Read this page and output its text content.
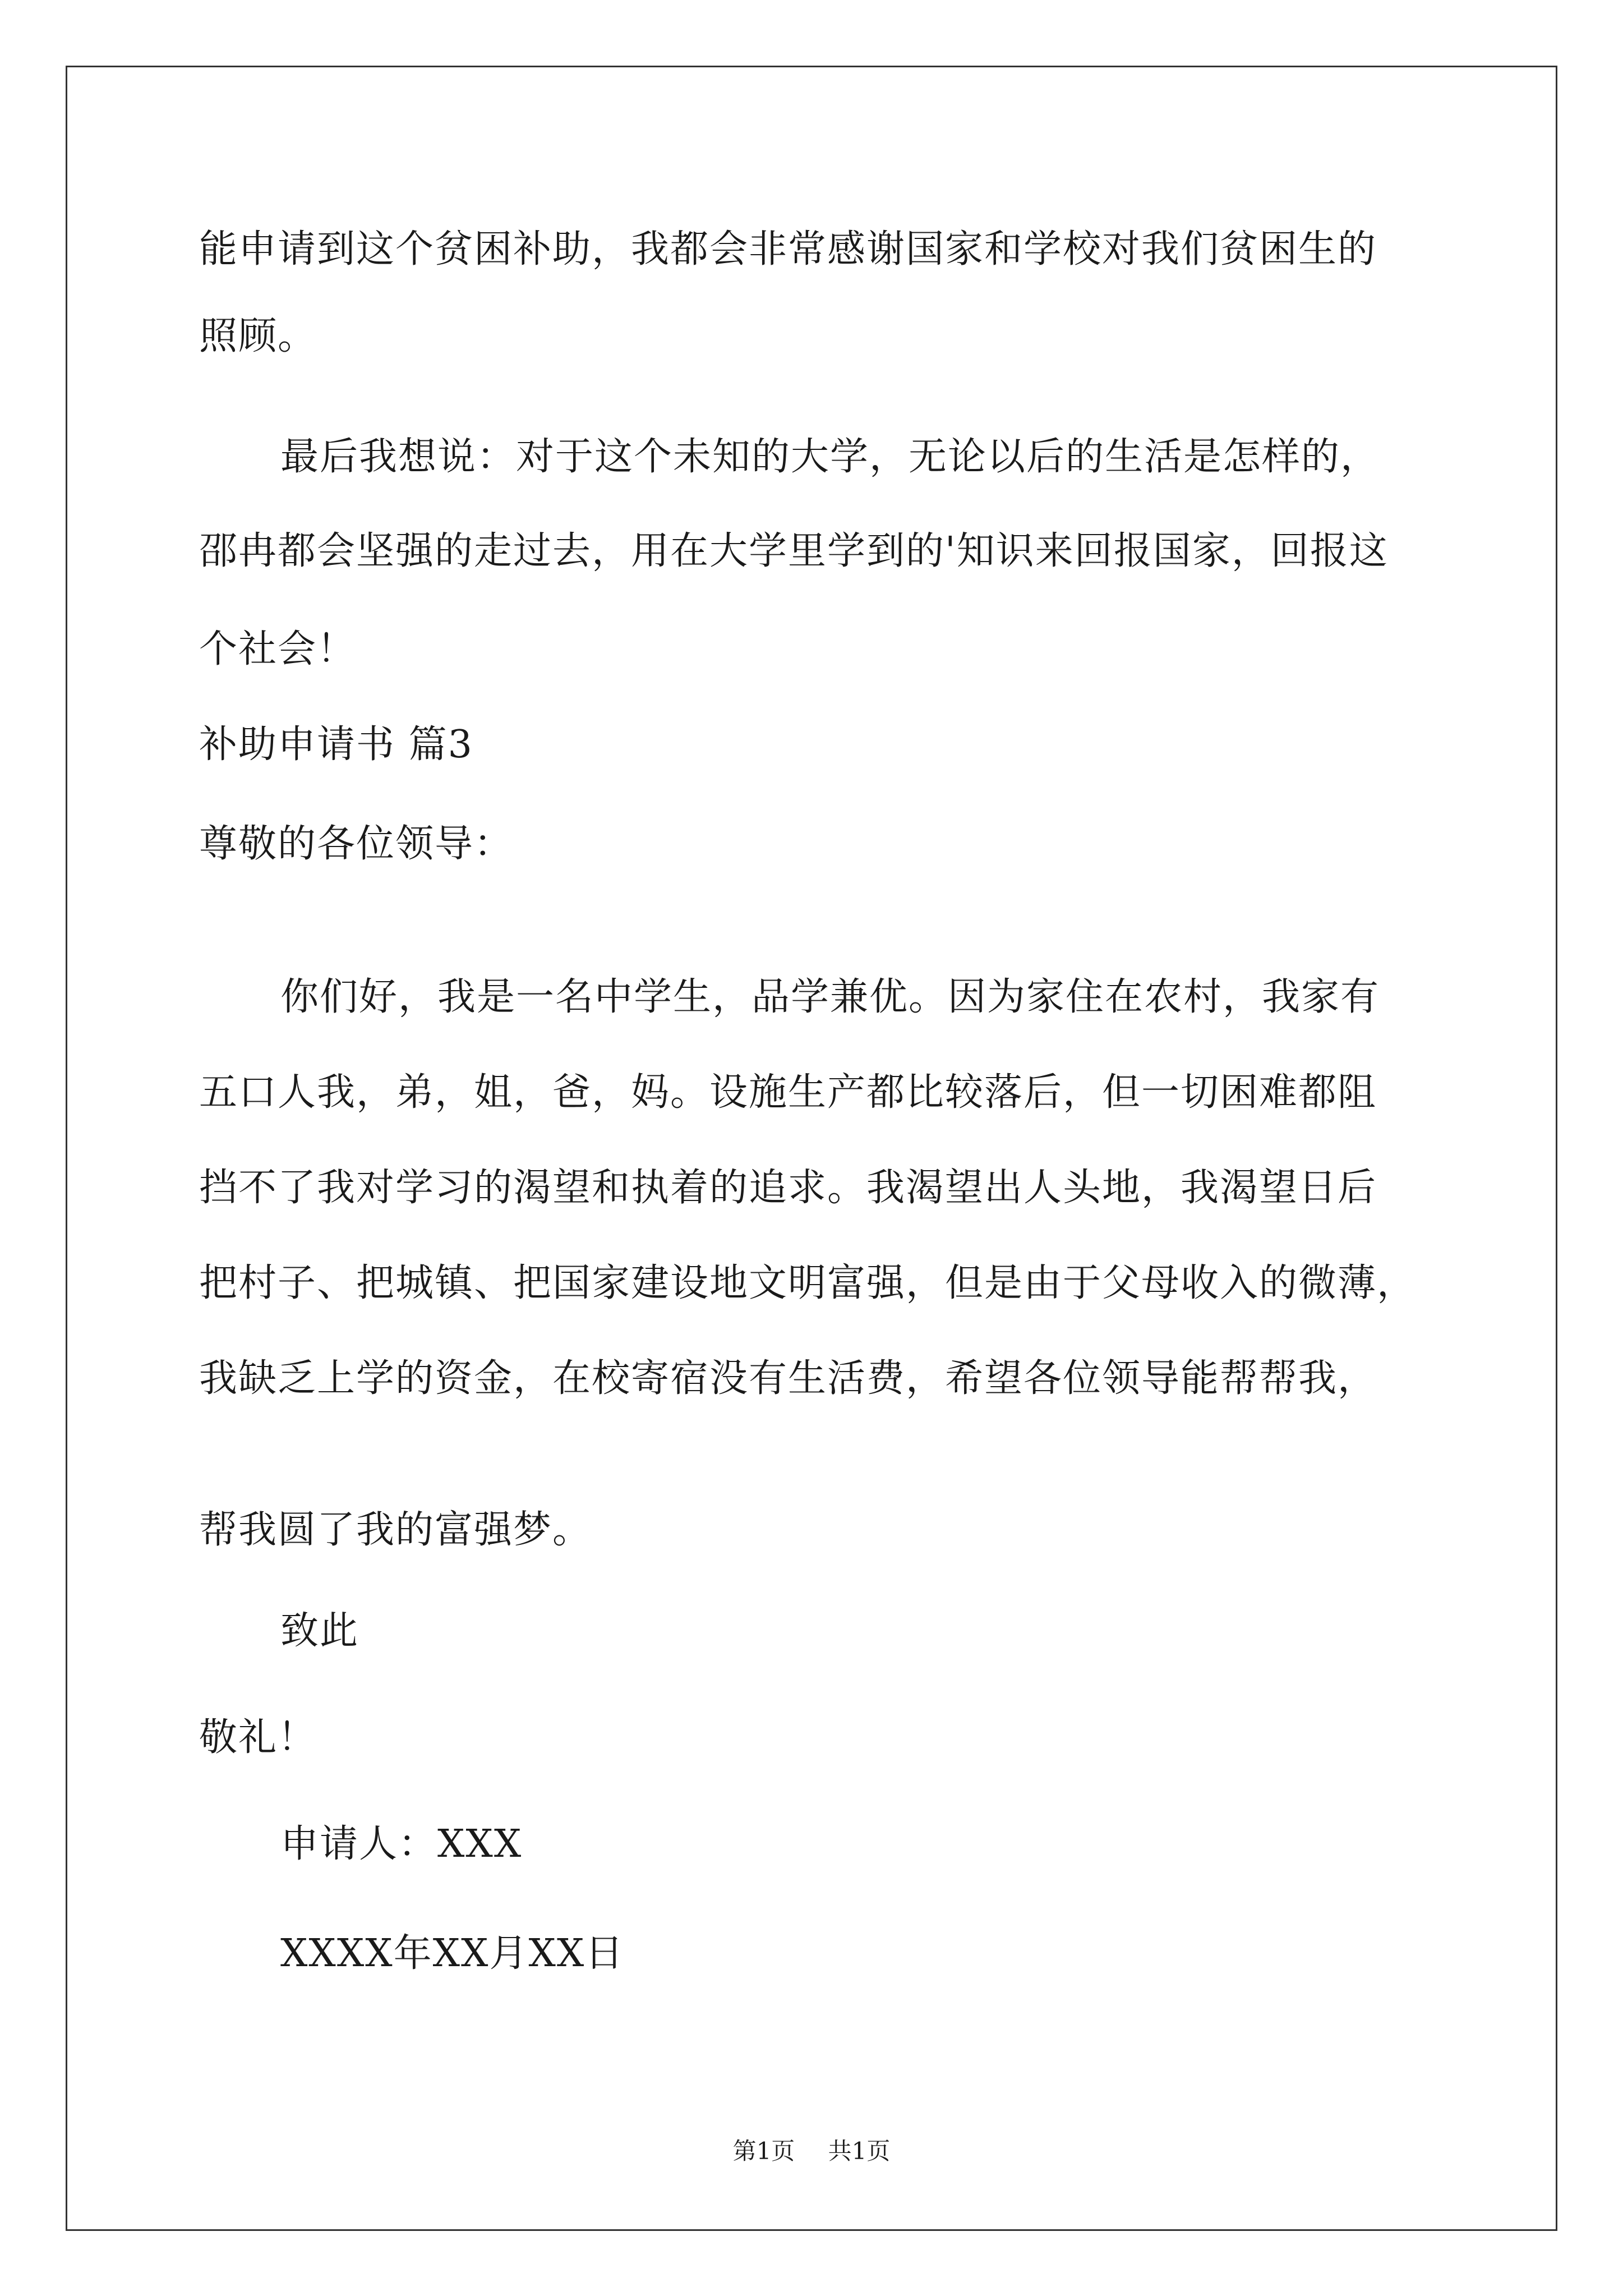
能申请到这个贫困补助，我都会非常感谢国家和学校对我们贫困生的
照顾。
最后我想说：对于这个未知的大学，无论以后的生活是怎样的，
邵冉都会坚强的走过去，用在大学里学到的'知识来回报国家，回报这
个社会！
补助申请书 篇3
尊敬的各位领导：
你们好，我是一名中学生，品学兼优。因为家住在农村，我家有
五口人我，弟，姐，爸，妈。设施生产都比较落后，但一切困难都阻
挡不了我对学习的渴望和执着的追求。我渴望出人头地，我渴望日后
把村子、把城镇、把国家建设地文明富强，但是由于父母收入的微薄，
我缺乏上学的资金，在校寄宿没有生活费，希望各位领导能帮帮我，
帮我圆了我的富强梦。
致此
敬礼！
申请人：XXX
XXXX年XX月XX日
第1页 共1页
